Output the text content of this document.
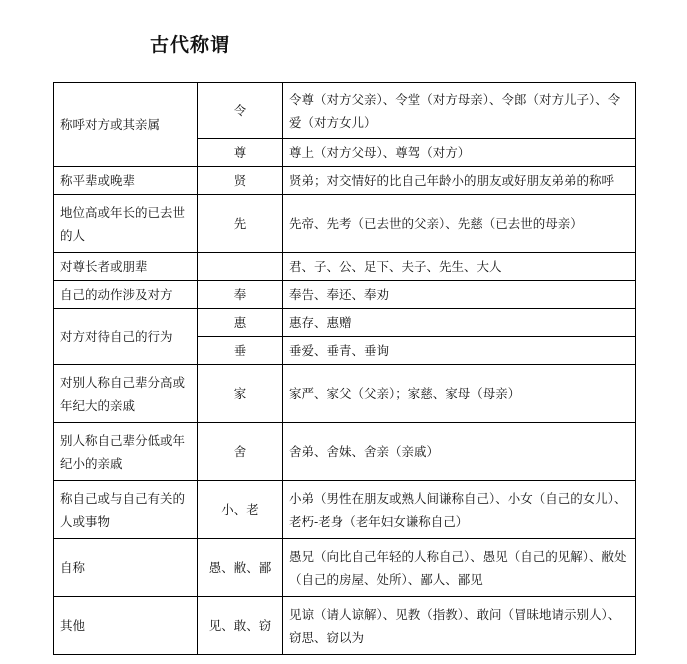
古代称谓
称呼对方或其亲属	令	令尊（对方父亲）、令堂（对方母亲）、令郎（对方儿子）、令爱（对方女儿）
	尊	尊上（对方父母）、尊驾（对方）
称平辈或晚辈	贤	贤弟；对交情好的比自己年龄小的朋友或好朋友弟弟的称呼
地位高或年长的已去世的人	先	先帝、先考（已去世的父亲）、先慈（已去世的母亲）
对尊长者或朋辈		君、子、公、足下、夫子、先生、大人
自己的动作涉及对方	奉	奉告、奉还、奉劝
对方对待自己的行为	惠	惠存、惠赠
	垂	垂爱、垂青、垂询
对别人称自己辈分高或年纪大的亲戚	家	家严、家父（父亲）；家慈、家母（母亲）
别人称自己辈分低或年纪小的亲戚	舍	舍弟、舍妹、舍亲（亲戚）
称自己或与自己有关的人或事物	小、老	小弟（男性在朋友或熟人间谦称自己）、小女（自己的女儿）、老朽-老身（老年妇女谦称自己）
自称	愚、敝、鄙	愚兄（向比自己年轻的人称自己）、愚见（自己的见解）、敝处（自己的房屋、处所）、鄙人、鄙见
其他	见、敢、窃	见谅（请人谅解）、见教（指教）、敢问（冒昧地请示别人）、窃思、窃以为
